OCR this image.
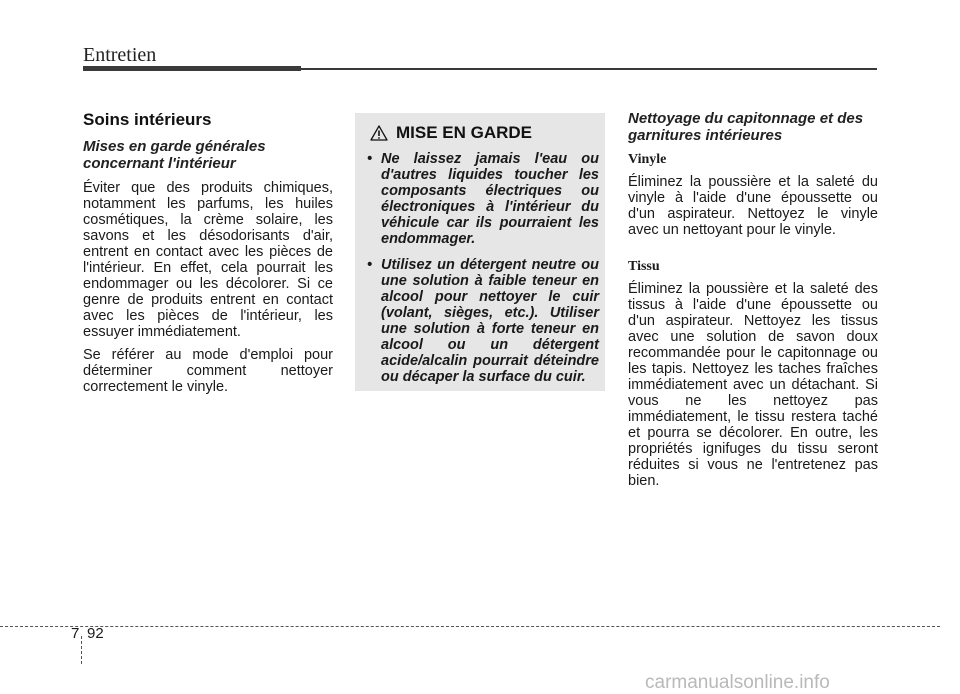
Entretien
Soins intérieurs
Mises en garde générales concernant l'intérieur

Éviter que des produits chimiques, notamment les parfums, les huiles cosmétiques, la crème solaire, les savons et les désodorisants d'air, entrent en contact avec les pièces de l'intérieur. En effet, cela pourrait les endommager ou les décolorer. Si ce genre de produits entrent en contact avec les pièces de l'intérieur, les essuyer immédiatement.

Se référer au mode d'emploi pour déterminer comment nettoyer correctement le vinyle.

MISE EN GARDE
• Ne laissez jamais l'eau ou d'autres liquides toucher les composants électriques ou électroniques à l'intérieur du véhicule car ils pourraient les endommager.
• Utilisez un détergent neutre ou une solution à faible teneur en alcool pour nettoyer le cuir (volant, sièges, etc.). Utiliser une solution à forte teneur en alcool ou un détergent acide/alcalin pourrait déteindre ou décaper la surface du cuir.
Nettoyage du capitonnage et des garnitures intérieures
Vinyle

Éliminez la poussière et la saleté du vinyle à l'aide d'une époussette ou d'un aspirateur. Nettoyez le vinyle avec un nettoyant pour le vinyle.

Tissu

Éliminez la poussière et la saleté des tissus à l'aide d'une époussette ou d'un aspirateur. Nettoyez les tissus avec une solution de savon doux recommandée pour le capitonnage ou les tapis. Nettoyez les taches fraîches immédiatement avec un détachant. Si vous ne les nettoyez pas immédiatement, le tissu restera taché et pourra se décolorer. En outre, les propriétés ignifuges du tissu seront réduites si vous ne l'entretenez pas bien.

7 92
carmanualsonline.info
